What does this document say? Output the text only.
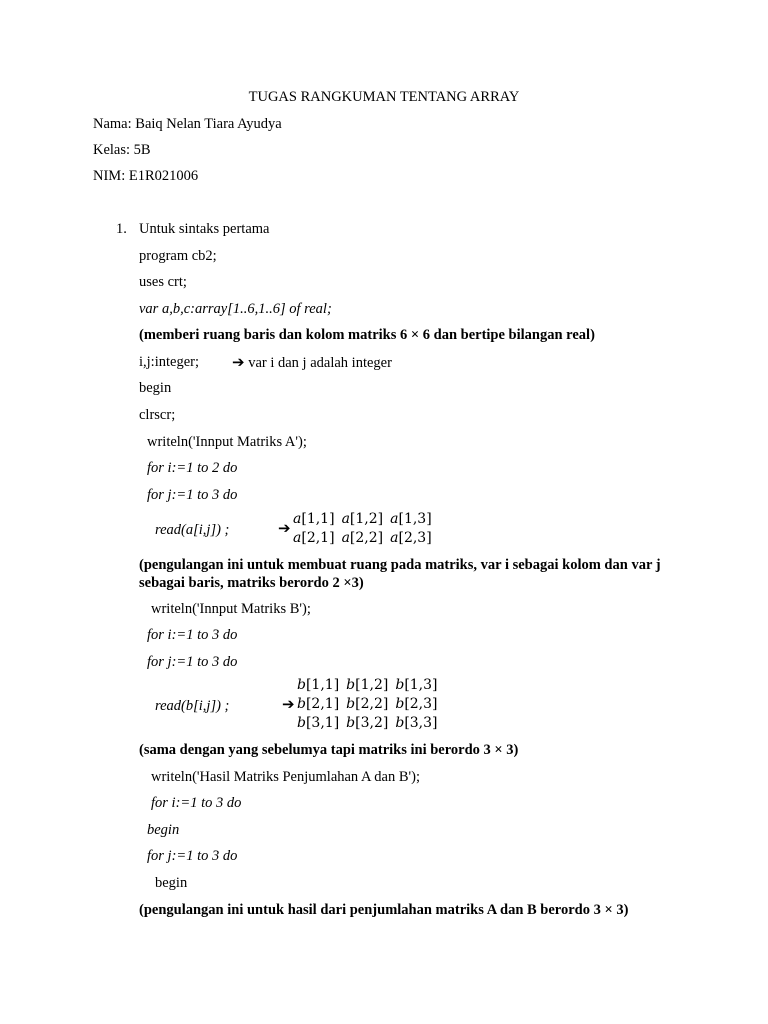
TUGAS RANGKUMAN TENTANG ARRAY
Nama: Baiq Nelan Tiara Ayudya
Kelas: 5B
NIM: E1R021006
1. Untuk sintaks pertama
program cb2;
uses crt;
var a,b,c:array[1..6,1..6] of real;
(memberi ruang baris dan kolom matriks 6 × 6 dan bertipe bilangan real)
i,j:integer; ➔ var i dan j adalah integer
begin
clrscr;
writeln('Innput Matriks A');
for i:=1 to 2 do
for j:=1 to 3 do
read(a[i,j]) ;	➔ a[1,1]	a[1,2]	a[1,3]
a[2,1]	a[2,2]	a[2,3]
(pengulangan ini untuk membuat ruang pada matriks, var i sebagai kolom dan var j sebagai baris, matriks berordo 2 ×3)
writeln('Innput Matriks B');
for i:=1 to 3 do
for j:=1 to 3 do
read(b[i,j]) ;	➔
b[1,1]	b[1,2]	b[1,3]
b[2,1]	b[2,2]	b[2,3]
b[3,1]	b[3,2]	b[3,3]
(sama dengan yang sebelumya tapi matriks ini berordo 3 × 3)
writeln('Hasil Matriks Penjumlahan A dan B');
for i:=1 to 3 do
begin
for j:=1 to 3 do
begin
(pengulangan ini untuk hasil dari penjumlahan matriks A dan B berordo 3 × 3)
